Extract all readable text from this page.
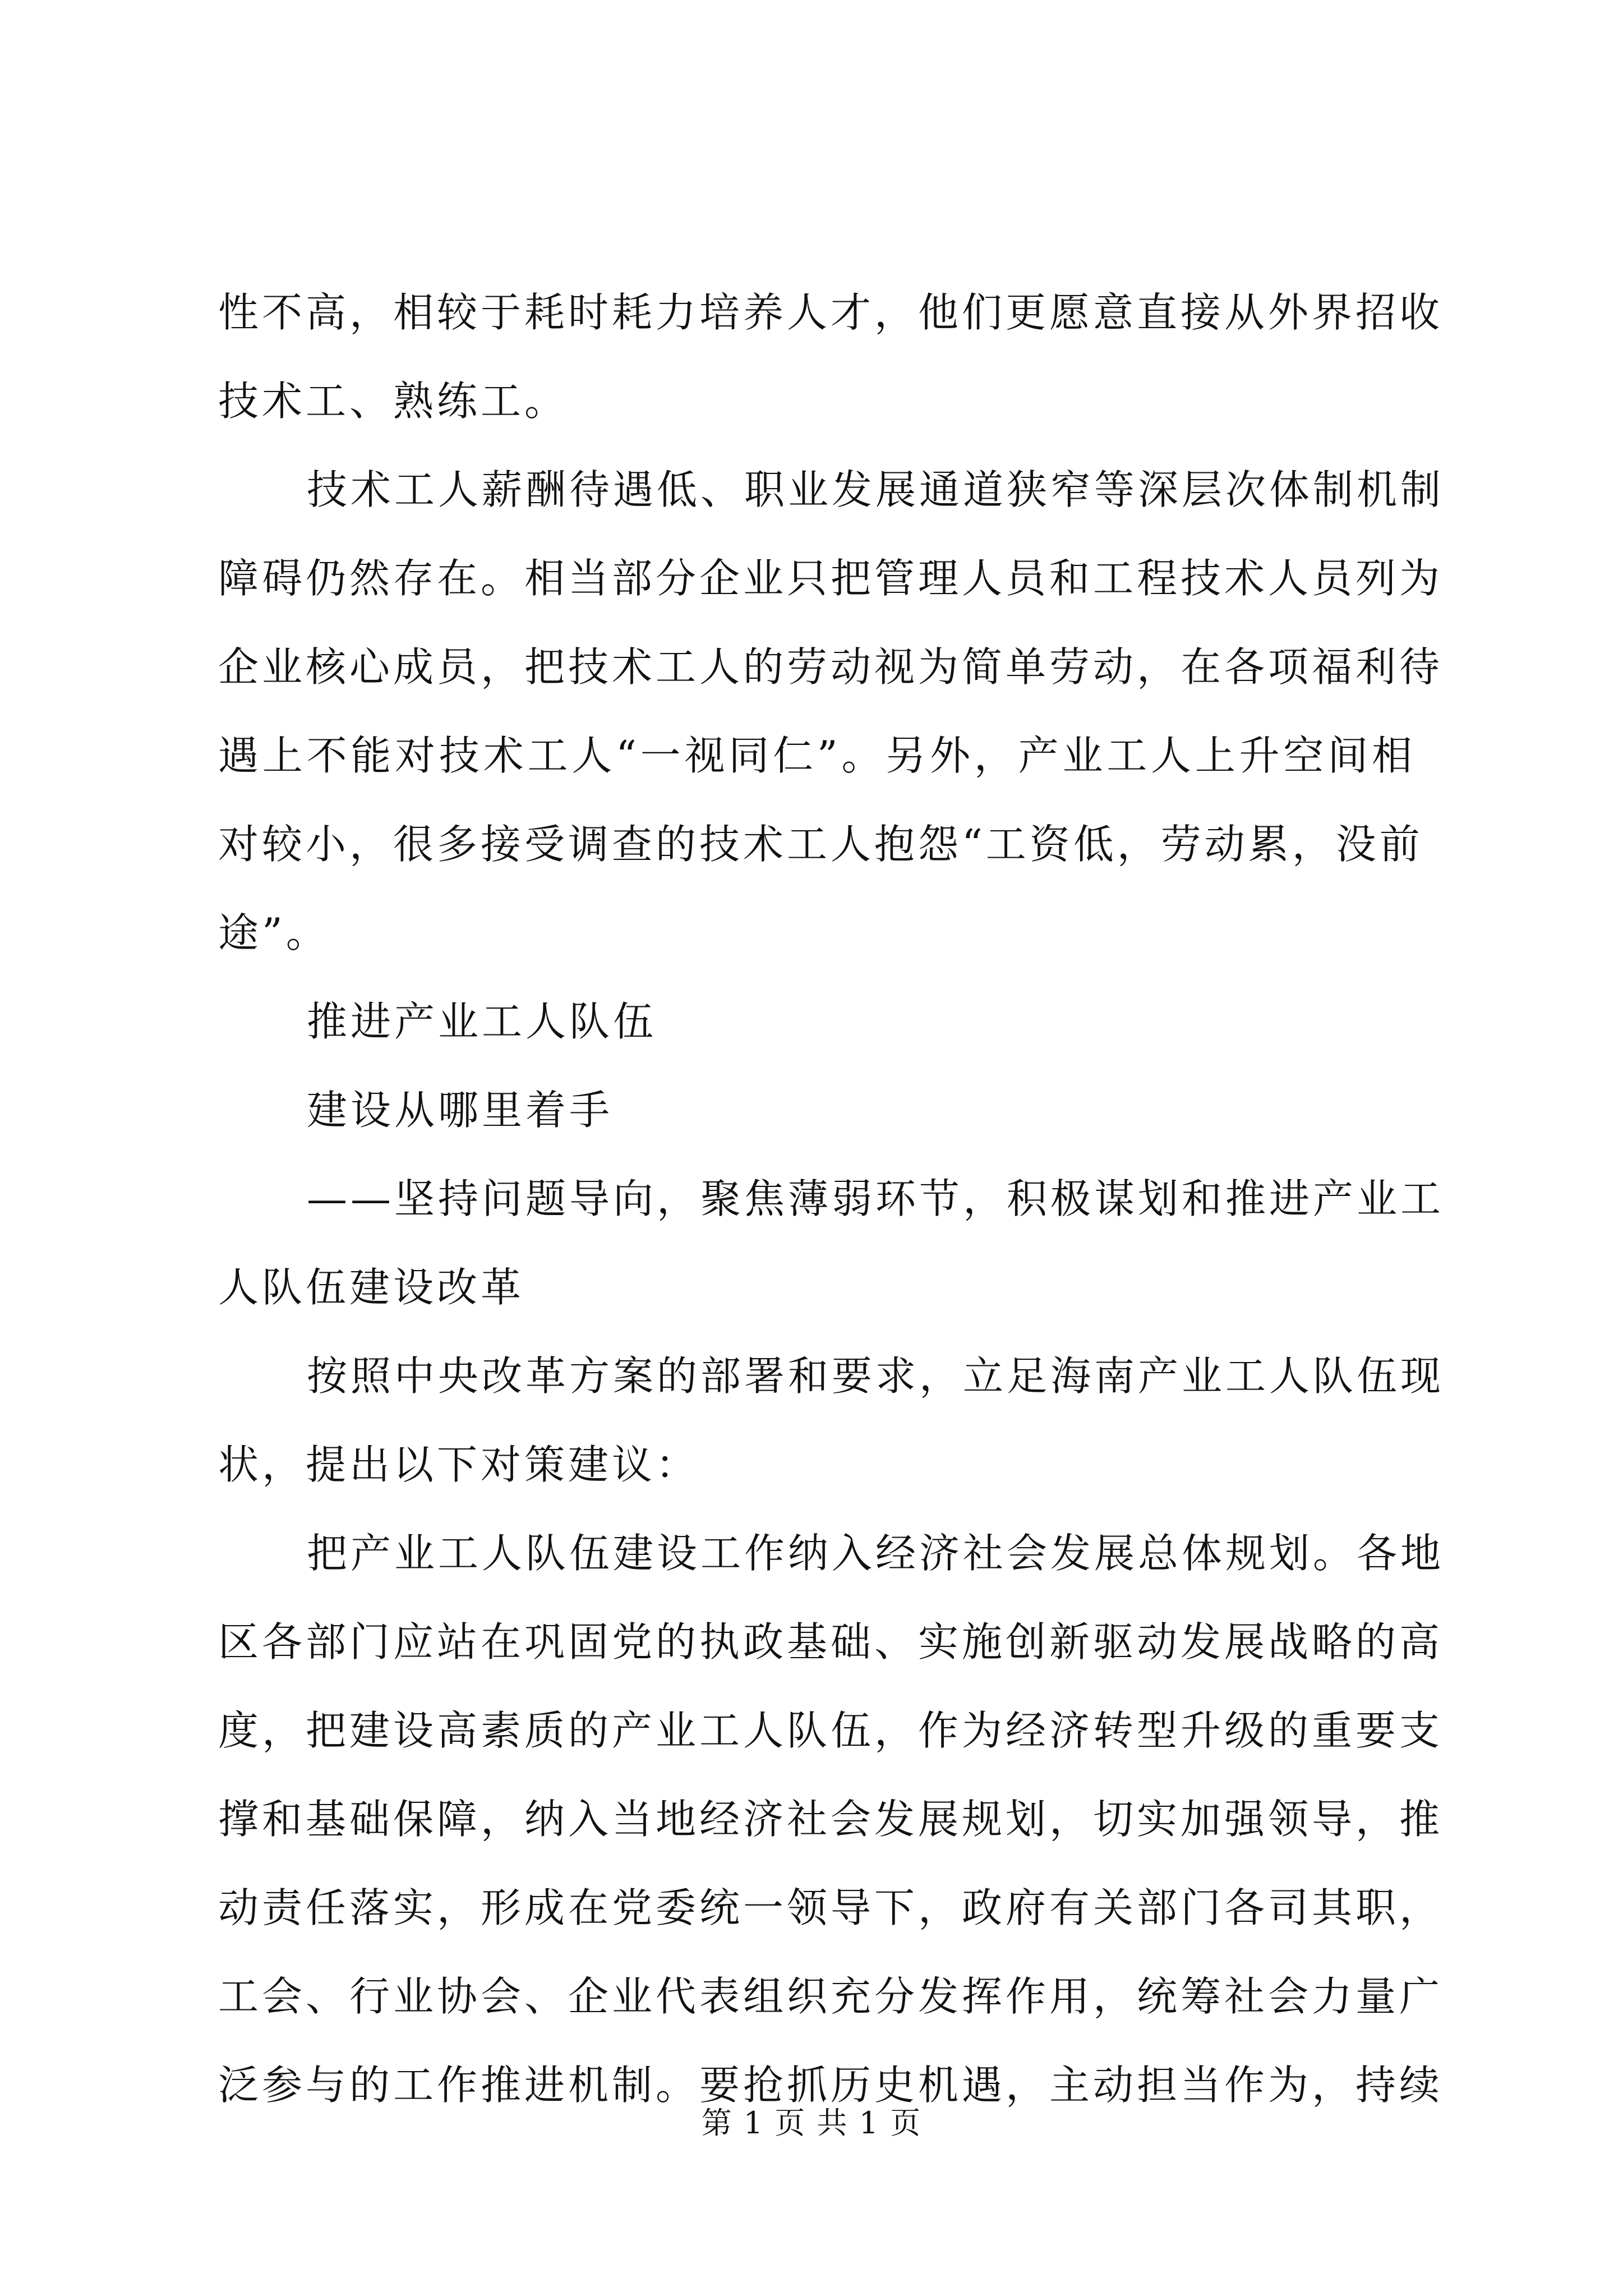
性不高，相较于耗时耗力培养人才，他们更愿意直接从外界招收
技术工、熟练工。
技术工人薪酬待遇低、职业发展通道狭窄等深层次体制机制
障碍仍然存在。相当部分企业只把管理人员和工程技术人员列为
企业核心成员，把技术工人的劳动视为简单劳动，在各项福利待
遇上不能对技术工人“一视同仁”。另外，产业工人上升空间相
对较小，很多接受调查的技术工人抱怨“工资低，劳动累，没前
途”。
推进产业工人队伍
建设从哪里着手
——坚持问题导向，聚焦薄弱环节，积极谋划和推进产业工
人队伍建设改革
按照中央改革方案的部署和要求，立足海南产业工人队伍现
状，提出以下对策建议：
把产业工人队伍建设工作纳入经济社会发展总体规划。各地
区各部门应站在巩固党的执政基础、实施创新驱动发展战略的高
度，把建设高素质的产业工人队伍，作为经济转型升级的重要支
撑和基础保障，纳入当地经济社会发展规划，切实加强领导，推
动责任落实，形成在党委统一领导下，政府有关部门各司其职，
工会、行业协会、企业代表组织充分发挥作用，统筹社会力量广
泛参与的工作推进机制。要抢抓历史机遇，主动担当作为，持续
第 1 页 共 1 页
